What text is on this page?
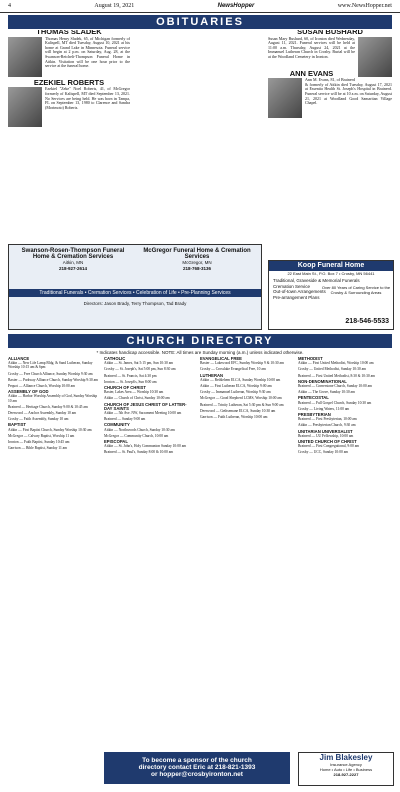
4	August 19, 2021	NewsHopper	www.NewsHopper.net
OBITUARIES
THOMAS SLADEK

Thomas Henry Sladek, 65, of Michigan formerly of Kalispell, MT died Tuesday, August 10, 2021 at his home at Grand Lake in Minnesota. Funeral service will begin at 2 p.m. on Saturday, Aug. 28, at the Swanson-Reichelt-Thompson Funeral Home in Aitkin. Visitation will be one hour prior to the service at the funeral home.

EZEKIEL ROBERTS

Ezekiel "Zeke" Noel Roberts, 41, of McGregor formerly of Kalispell, MT died September 13, 2021. No Services are being held. He was born in Tampa, FL on September 13, 1980 to Clarence and Sandra (Morimoto) Roberts.

SUSAN BUSHARD

Susan Mary Bushard, 60, of Ironton died Wednesday, August 11, 2021. Funeral services will be held at 11:00 a.m. Thursday, August 24, 2021 at the Immanuel Lutheran Church in Crosby. Burial will be at the Woodland Cemetery in Ironton.

ANN EVANS

Ann M. Evans, 81, of Brainerd & formerly of Aitkin died Tuesday, August 17, 2021 at Essentia Health St. Joseph's Hospital in Brainerd. Funeral service will be at 10 a.m. on Saturday, August 21, 2021 at Woodland Good Samaritan Village Chapel.

Swanson-Rosen-Thompson Funeral Home & Cremation Services
Aitkin, MN
218-927-2614
McGregor Funeral Home & Cremation Services
McGregor, MN
218-768-3136
Traditional Funerals • Cremation Services • Celebration of Life • Pre-Planning Services
Directors: Jason Brady, Terry Thompson, Tad Brady
Koop Funeral Home
22 East Main St., P.O. Box 7 • Crosby, MN 56441
Traditional, Graveside & Memorial Funerals
Cremation Service
Out-of-town Arrangements
Pre-arrangement Plans
Over 80 Years of Caring Service to the Crosby & Surrounding Areas
218-546-5533
CHURCH DIRECTORY
* Indicates handicap accessible. NOTE: All times are Sunday morning (a.m.) unless indicated otherwise.
ALLIANCE

Aitkin — New Life Lamp Bldg. & Sand Lutheran, Sunday Worship 10:15 am & 6pm

Crosby — Free Church Alliance, Sunday Worship 9:30 am

Baxter — Parkway Alliance Church, Sunday Worship 9:30 am

Pequot — Alliance Church, Worship 10:00 am

ASSEMBLY OF GOD

Aitkin — Harbor Worship Assembly of God, Sunday Worship 10 am

Brainerd — Heritage Church, Sunday 9:00 & 10:45 am

Deerwood — Anchor Assembly, Sunday 10 am

Crosby — Faith Assembly, Sunday 10 am

BAPTIST

Aitkin — First Baptist Church, Sunday Worship 10:30 am

McGregor — Calvary Baptist, Worship 11 am

Ironton — Faith Baptist, Sunday 10:45 am

Garrison — Bible Baptist, Sunday 11 am

CATHOLIC

Aitkin — St. James, Sat 5:15 pm, Sun 10:30 am

Crosby — St. Joseph's, Sat 5:00 pm, Sun 8:30 am

Brainerd — St. Francis, Sat 4:30 pm

Ironton — St. Joseph's, Sun 8:00 am

CHURCH OF CHRIST

Baxter, Lakes Area — Worship 10:30 am

Aitkin — Church of Christ, Sunday 10:00 am

CHURCH OF JESUS CHRIST OF LATTER-DAY SAINTS

Aitkin — 5th Ave. NW, Sacrament Meeting 10:00 am

Brainerd — Sunday 9:00 am

COMMUNITY

Aitkin — Northwoods Church, Sunday 10:30 am

McGregor — Community Church, 10:00 am

EPISCOPAL

Aitkin — St. John's, Holy Communion Sunday 10:00 am

Brainerd — St. Paul's, Sunday 8:00 & 10:00 am

EVANGELICAL FREE

Baxter — Lakewood EFC, Sunday Worship 9 & 10:30 am

Crosby — Crosslake Evangelical Free, 10 am

LUTHERAN

Aitkin — Bethlehem ELCA, Sunday Worship 10:00 am

Aitkin — First Lutheran ELCA, Worship 9:00 am

Crosby — Immanuel Lutheran, Worship 9:30 am

McGregor — Good Shepherd LCMS, Worship 10:00 am

Brainerd — Trinity Lutheran, Sat 5:30 pm & Sun 9:00 am

Deerwood — Gethsemane ELCA, Sunday 10:30 am

Garrison — Faith Lutheran, Worship 10:00 am

METHODIST

Aitkin — First United Methodist, Worship 10:00 am

Crosby — United Methodist, Sunday 10:30 am

Brainerd — First United Methodist, 8:30 & 10:30 am

NON-DENOMINATIONAL

Brainerd — Cornerstone Church, Sunday 10:00 am

Aitkin — The Grove, Sunday 10:30 am

PENTECOSTAL

Brainerd — Full Gospel Church, Sunday 10:30 am

Crosby — Living Waters, 11:00 am

PRESBYTERIAN

Brainerd — First Presbyterian, 10:00 am

Aitkin — Presbyterian Church, 9:30 am

UNITARIAN UNIVERSALIST

Brainerd — UU Fellowship, 10:00 am

UNITED CHURCH OF CHRIST

Brainerd — First Congregational, 9:00 am

Crosby — UCC, Sunday 10:00 am

To become a sponsor of the church
directory contact Eric at 218-821-1393
or hopper@crosbyironton.net
Jim Blakesley
Insurance Agency
Home • Auto • Life • Business
218-927-2227
